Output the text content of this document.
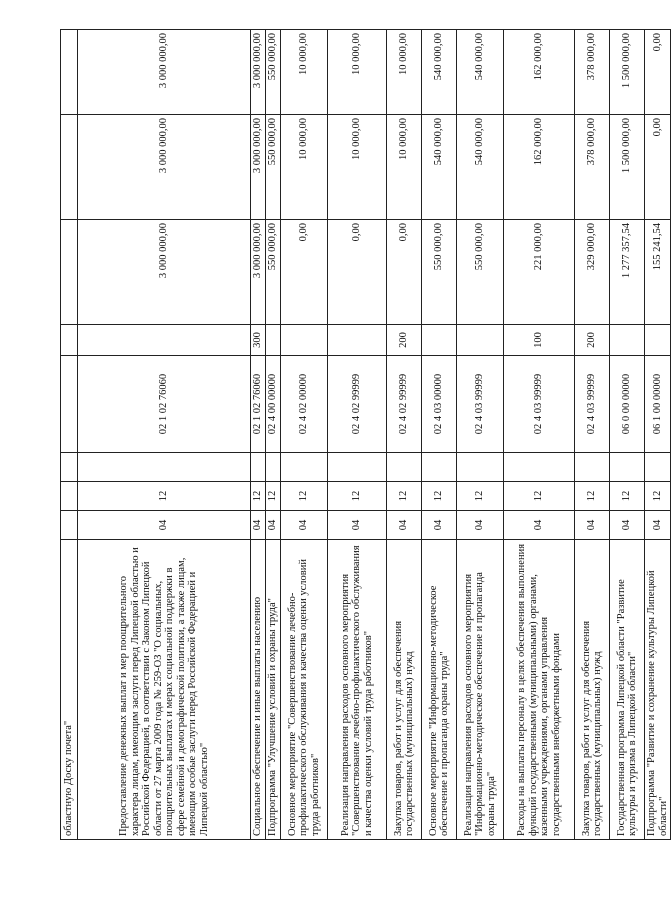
областную Доску почета"								
Предоставление денежных выплат и мер поощрительного характера лицам, имеющим заслуги перед Липецкой областью и Российской Федерацией, в соответствии с Законом Липецкой области от 27 марта 2009 года № 259-ОЗ "О социальных, поощрительных выплатах и мерах социальной поддержки в сфере семейной и демографической политики, а также лицам, имеющим особые заслуги перед Российской Федерацией и Липецкой областью"	04	12		02 1 02 76060		3 000 000,00	3 000 000,00	3 000 000,00
Социальное обеспечение и иные выплаты населению	04	12		02 1 02 76060	300	3 000 000,00	3 000 000,00	3 000 000,00
Подпрограмма "Улучшение условий и охраны труда"	04	12		02 4 00 00000		550 000,00	550 000,00	550 000,00
Основное мероприятие "Совершенствование лечебно-профилактического обслуживания и качества оценки условий труда работников"	04	12		02 4 02 00000		0,00	10 000,00	10 000,00
Реализация направления расходов основного мероприятия "Совершенствование лечебно-профилактического обслуживания и качества оценки условий труда работников"	04	12		02 4 02 99999		0,00	10 000,00	10 000,00
Закупка товаров, работ и услуг для обеспечения государственных (муниципальных) нужд	04	12		02 4 02 99999	200	0,00	10 000,00	10 000,00
Основное мероприятие "Информационно-методическое обеспечение и пропаганда охраны труда"	04	12		02 4 03 00000		550 000,00	540 000,00	540 000,00
Реализация направления расходов основного мероприятия "Информационно-методическое обеспечение и пропаганда охраны труда"	04	12		02 4 03 99999		550 000,00	540 000,00	540 000,00
Расходы на выплаты персоналу в целях обеспечения выполнения функций государственными (муниципальными) органами, казенными учреждениями, органами управления государственными внебюджетными фондами	04	12		02 4 03 99999	100	221 000,00	162 000,00	162 000,00
Закупка товаров, работ и услуг для обеспечения государственных (муниципальных) нужд	04	12		02 4 03 99999	200	329 000,00	378 000,00	378 000,00
Государственная программа Липецкой области "Развитие культуры и туризма в Липецкой области"	04	12		06 0 00 00000		1 277 357,54	1 500 000,00	1 500 000,00
Подпрограмма "Развитие и сохранение культуры Липецкой области"	04	12		06 1 00 00000		155 241,54	0,00	0,00
